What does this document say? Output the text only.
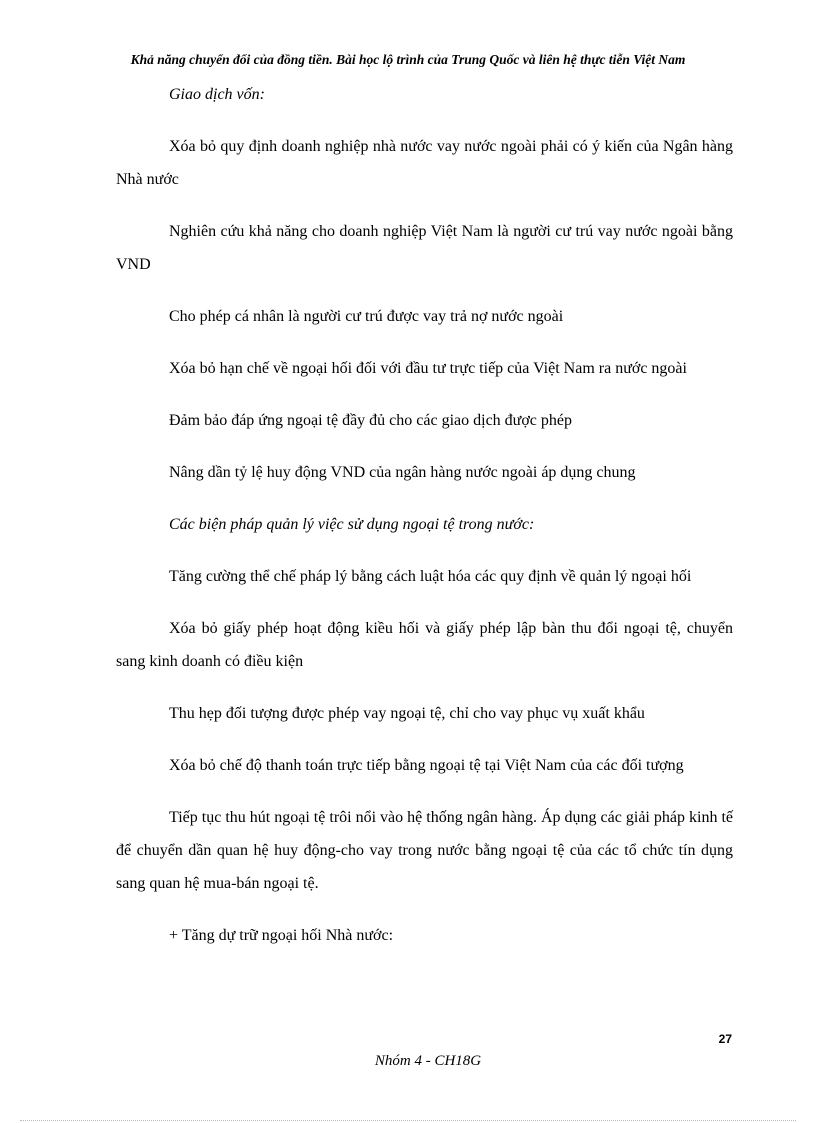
Khả năng chuyển đổi của đồng tiền. Bài học lộ trình của Trung Quốc và liên hệ thực tiễn Việt Nam

Giao dịch vốn:

Xóa bỏ quy định doanh nghiệp nhà nước vay nước ngoài phải có ý kiến của Ngân hàng Nhà nước

Nghiên cứu khả năng cho doanh nghiệp Việt Nam là người cư trú vay nước ngoài bằng VND

Cho phép cá nhân là người cư trú được vay trả nợ nước ngoài

Xóa bỏ hạn chế về ngoại hối đối với đầu tư trực tiếp của Việt Nam ra nước ngoài

Đảm bảo đáp ứng ngoại tệ đầy đủ cho các giao dịch được phép

Nâng dần tỷ lệ huy động VND của ngân hàng nước ngoài áp dụng chung

Các biện pháp quản lý việc sử dụng ngoại tệ trong nước:

Tăng cường thể chế pháp lý bằng cách luật hóa các quy định về quản lý ngoại hối

Xóa bỏ giấy phép hoạt động kiều hối và giấy phép lập bàn thu đổi ngoại tệ, chuyển sang kinh doanh có điều kiện

Thu hẹp đối tượng được phép vay ngoại tệ, chỉ cho vay phục vụ xuất khẩu

Xóa bỏ chế độ thanh toán trực tiếp bằng ngoại tệ tại Việt Nam của các đối tượng

Tiếp tục thu hút ngoại tệ trôi nổi vào hệ thống ngân hàng. Áp dụng các giải pháp kinh tế để chuyển dần quan hệ huy động-cho vay trong nước bằng ngoại tệ của các tổ chức tín dụng sang quan hệ mua-bán ngoại tệ.

+ Tăng dự trữ ngoại hối Nhà nước:

27
Nhóm 4 - CH18G
